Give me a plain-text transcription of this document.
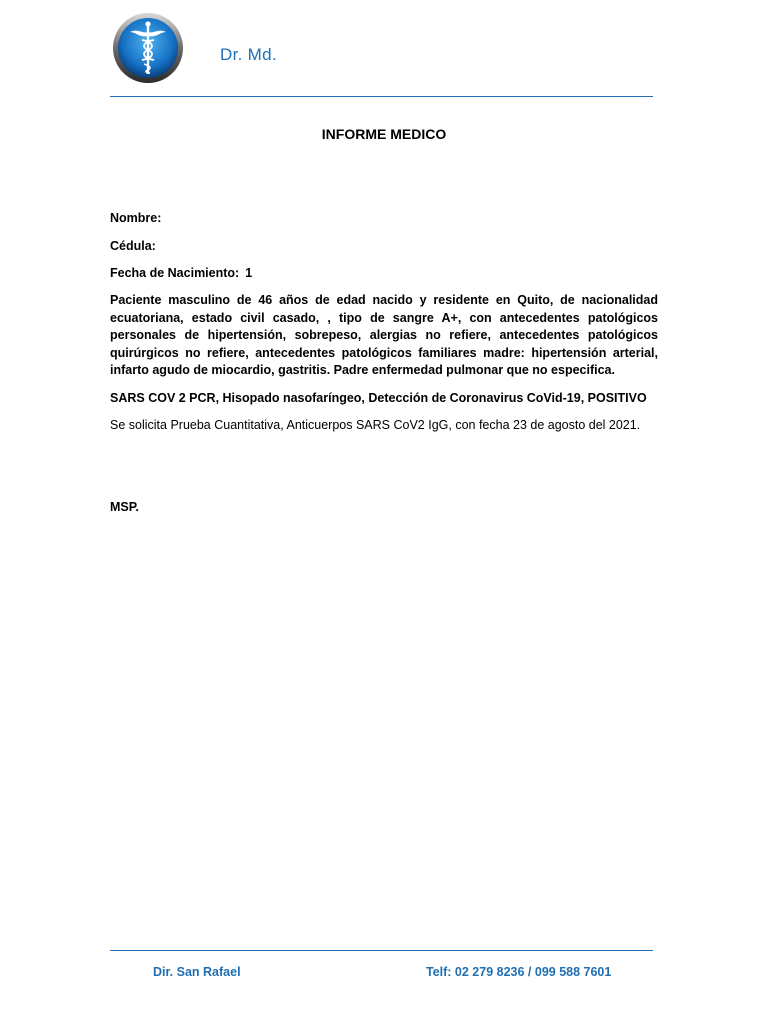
Dr. Md.
INFORME MEDICO
Nombre:
Cédula:
Fecha de Nacimiento: 1
Paciente masculino de 46 años de edad nacido y residente en Quito, de nacionalidad ecuatoriana, estado civil casado, , tipo de sangre A+, con antecedentes patológicos personales de hipertensión, sobrepeso, alergias no refiere, antecedentes patológicos quirúrgicos no refiere, antecedentes patológicos familiares madre: hipertensión arterial, infarto agudo de miocardio, gastritis. Padre enfermedad pulmonar que no especifica.
SARS COV 2 PCR, Hisopado nasofaríngeo, Detección de Coronavirus CoVid-19, POSITIVO
Se solicita Prueba Cuantitativa, Anticuerpos SARS CoV2 IgG, con fecha 23 de agosto del 2021.
MSP.
Dir. San Rafael	Telf: 02 279 8236 / 099 588 7601
